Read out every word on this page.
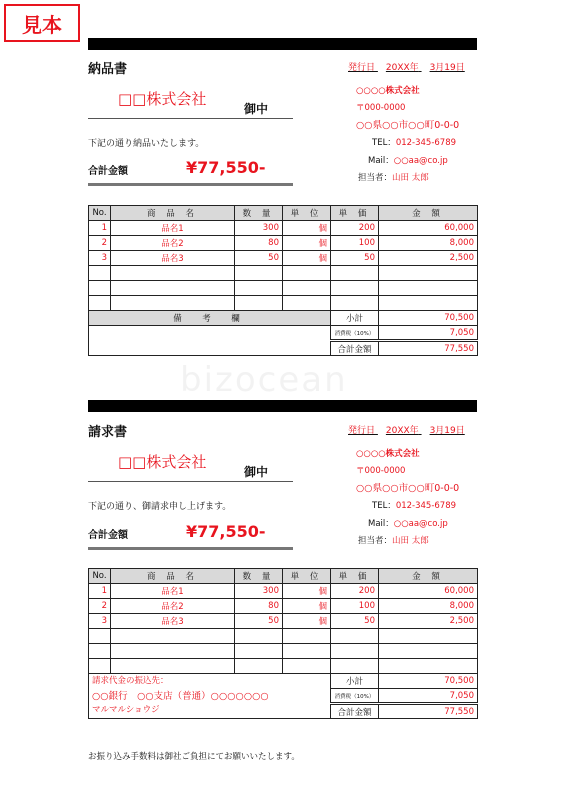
見本
bizocean
納品書	発行日 20XX年 3月19日
□□株式会社
御中
○○○○株式会社
〒000-0000
○○県○○市○○町0-0-0
TEL：012-345-6789
Mail：○○aa@co.jp
担当者：山田 太郎
下記の通り納品いたします。
合計金額	¥77,550-
No.	商 品 名	数 量	単 位	単 価	金 額
1	品名1	300	個	200	60,000
2	品名2	80	個	100	8,000
3	品名3	50	個	50	2,500

備　考　欄				小計	70,500
				消費税（10%）	7,050
				合計金額	77,550
請求書	発行日 20XX年 3月19日
□□株式会社
御中
○○○○株式会社
〒000-0000
○○県○○市○○町0-0-0
TEL：012-345-6789
Mail：○○aa@co.jp
担当者：山田 太郎
下記の通り、御請求申し上げます。
合計金額	¥77,550-
No.	商 品 名	数 量	単 位	単 価	金 額
1	品名1	300	個	200	60,000
2	品名2	80	個	100	8,000
3	品名3	50	個	50	2,500

請求代金の振込先：				小計	70,500
○○銀行　○○支店（普通）○○○○○○○				消費税（10%）	7,050
マルマルショウジ				合計金額	77,550
お振り込み手数料は御社ご負担にてお願いいたします。
